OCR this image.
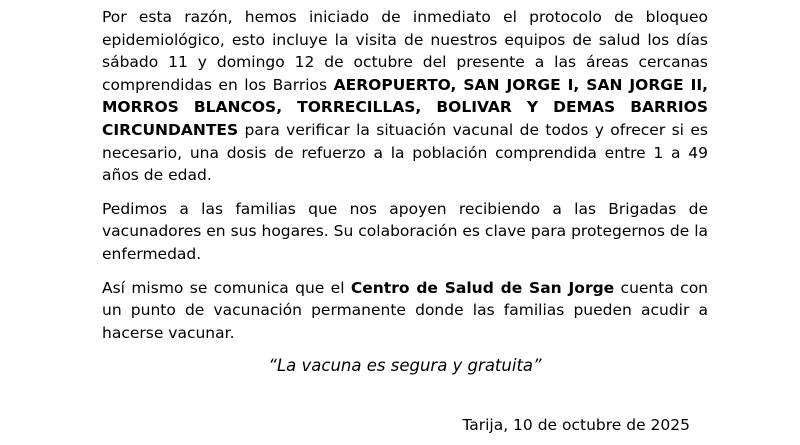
Por esta razón, hemos iniciado de inmediato el protocolo de bloqueo epidemiológico, esto incluye la visita de nuestros equipos de salud los días sábado 11 y domingo 12 de octubre del presente a las áreas cercanas comprendidas en los Barrios AEROPUERTO, SAN JORGE I, SAN JORGE II, MORROS BLANCOS, TORRECILLAS, BOLIVAR Y DEMAS BARRIOS CIRCUNDANTES para verificar la situación vacunal de todos y ofrecer si es necesario, una dosis de refuerzo a la población comprendida entre 1 a 49 años de edad.

Pedimos a las familias que nos apoyen recibiendo a las Brigadas de vacunadores en sus hogares. Su colaboración es clave para protegernos de la enfermedad.

Así mismo se comunica que el Centro de Salud de San Jorge cuenta con un punto de vacunación permanente donde las familias pueden acudir a hacerse vacunar.

“La vacuna es segura y gratuita”

Tarija, 10 de octubre de 2025
